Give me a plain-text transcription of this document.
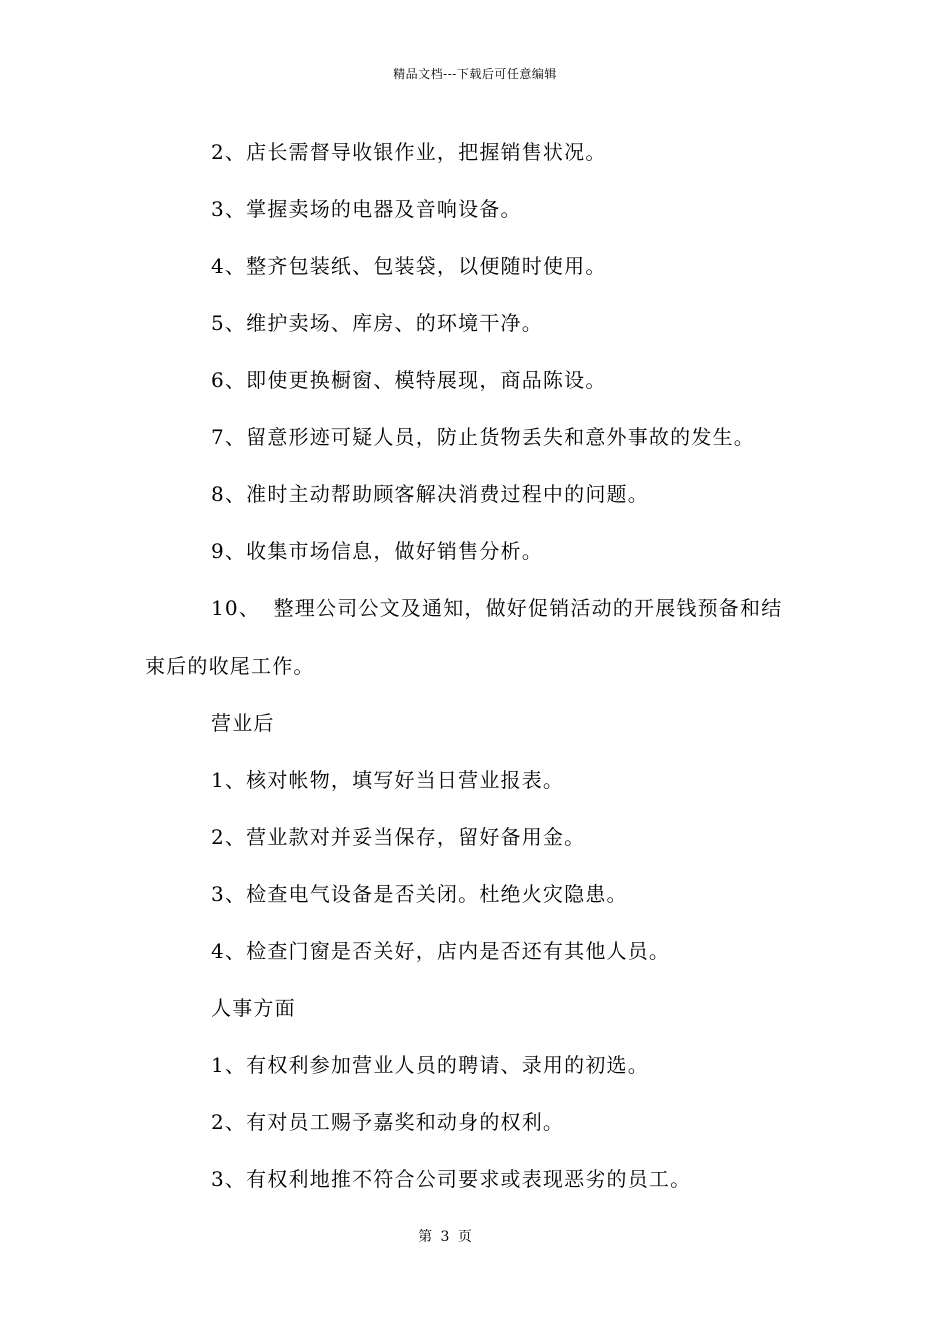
精品文档---下载后可任意编辑
2、店长需督导收银作业，把握销售状况。
3、掌握卖场的电器及音响设备。
4、整齐包装纸、包装袋，以便随时使用。
5、维护卖场、库房、的环境干净。
6、即使更换橱窗、模特展现，商品陈设。
7、留意形迹可疑人员，防止货物丢失和意外事故的发生。
8、准时主动帮助顾客解决消费过程中的问题。
9、收集市场信息，做好销售分析。
10、 整理公司公文及通知，做好促销活动的开展钱预备和结
束后的收尾工作。
营业后
1、核对帐物，填写好当日营业报表。
2、营业款对并妥当保存，留好备用金。
3、检查电气设备是否关闭。杜绝火灾隐患。
4、检查门窗是否关好，店内是否还有其他人员。
人事方面
1、有权利参加营业人员的聘请、录用的初选。
2、有对员工赐予嘉奖和动身的权利。
3、有权利地推不符合公司要求或表现恶劣的员工。
第 3 页
